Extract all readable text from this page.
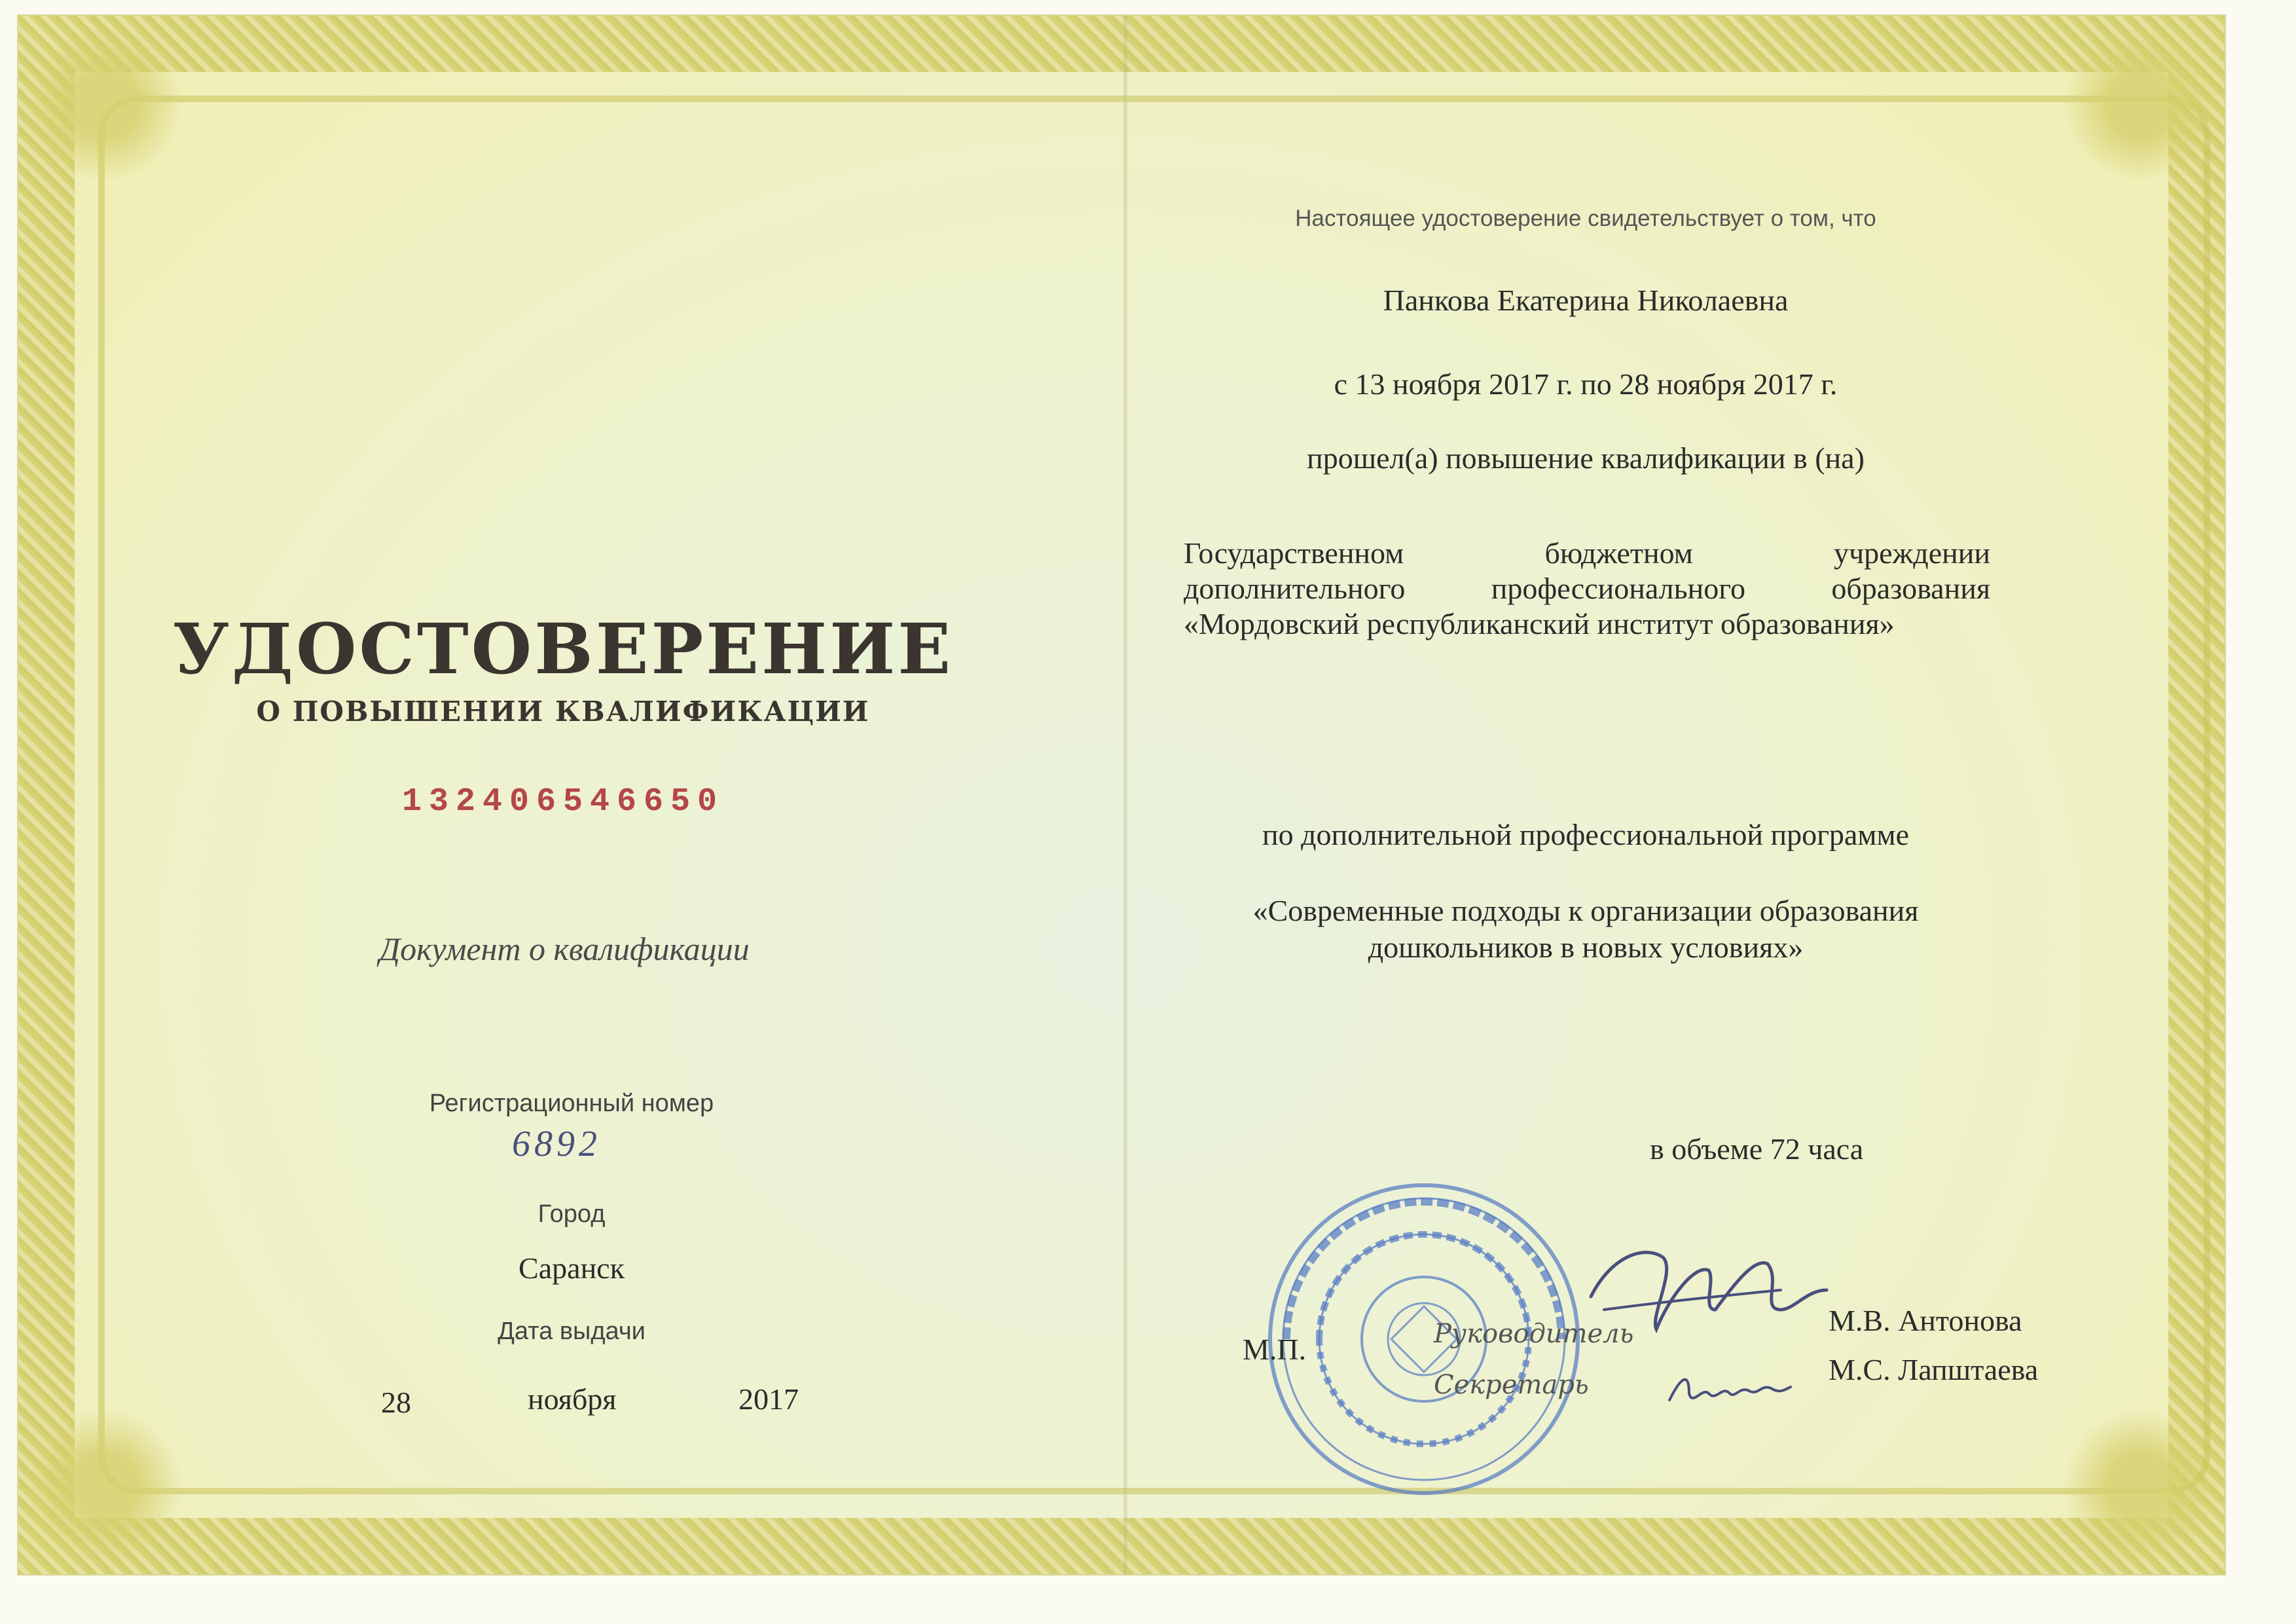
УДОСТОВЕРЕНИЕ
О ПОВЫШЕНИИ КВАЛИФИКАЦИИ
132406546650
Документ о квалификации
Регистрационный номер
6892
Город
Саранск
Дата выдачи
28	ноября	2017
Настоящее удостоверение свидетельствует о том, что
Панкова Екатерина Николаевна
с 13 ноября 2017 г. по 28 ноября 2017 г.
прошел(а) повышение квалификации в (на)
Государственном	бюджетном	учреждении
дополнительного	профессионального	образования
«Мордовский республиканский институт образования»
по дополнительной профессиональной программе
«Современные подходы к организации образования
дошкольников в новых условиях»
в объеме 72 часа
М.П.	Руководитель
Секретарь
М.В. Антонова
М.С. Лапштаева
